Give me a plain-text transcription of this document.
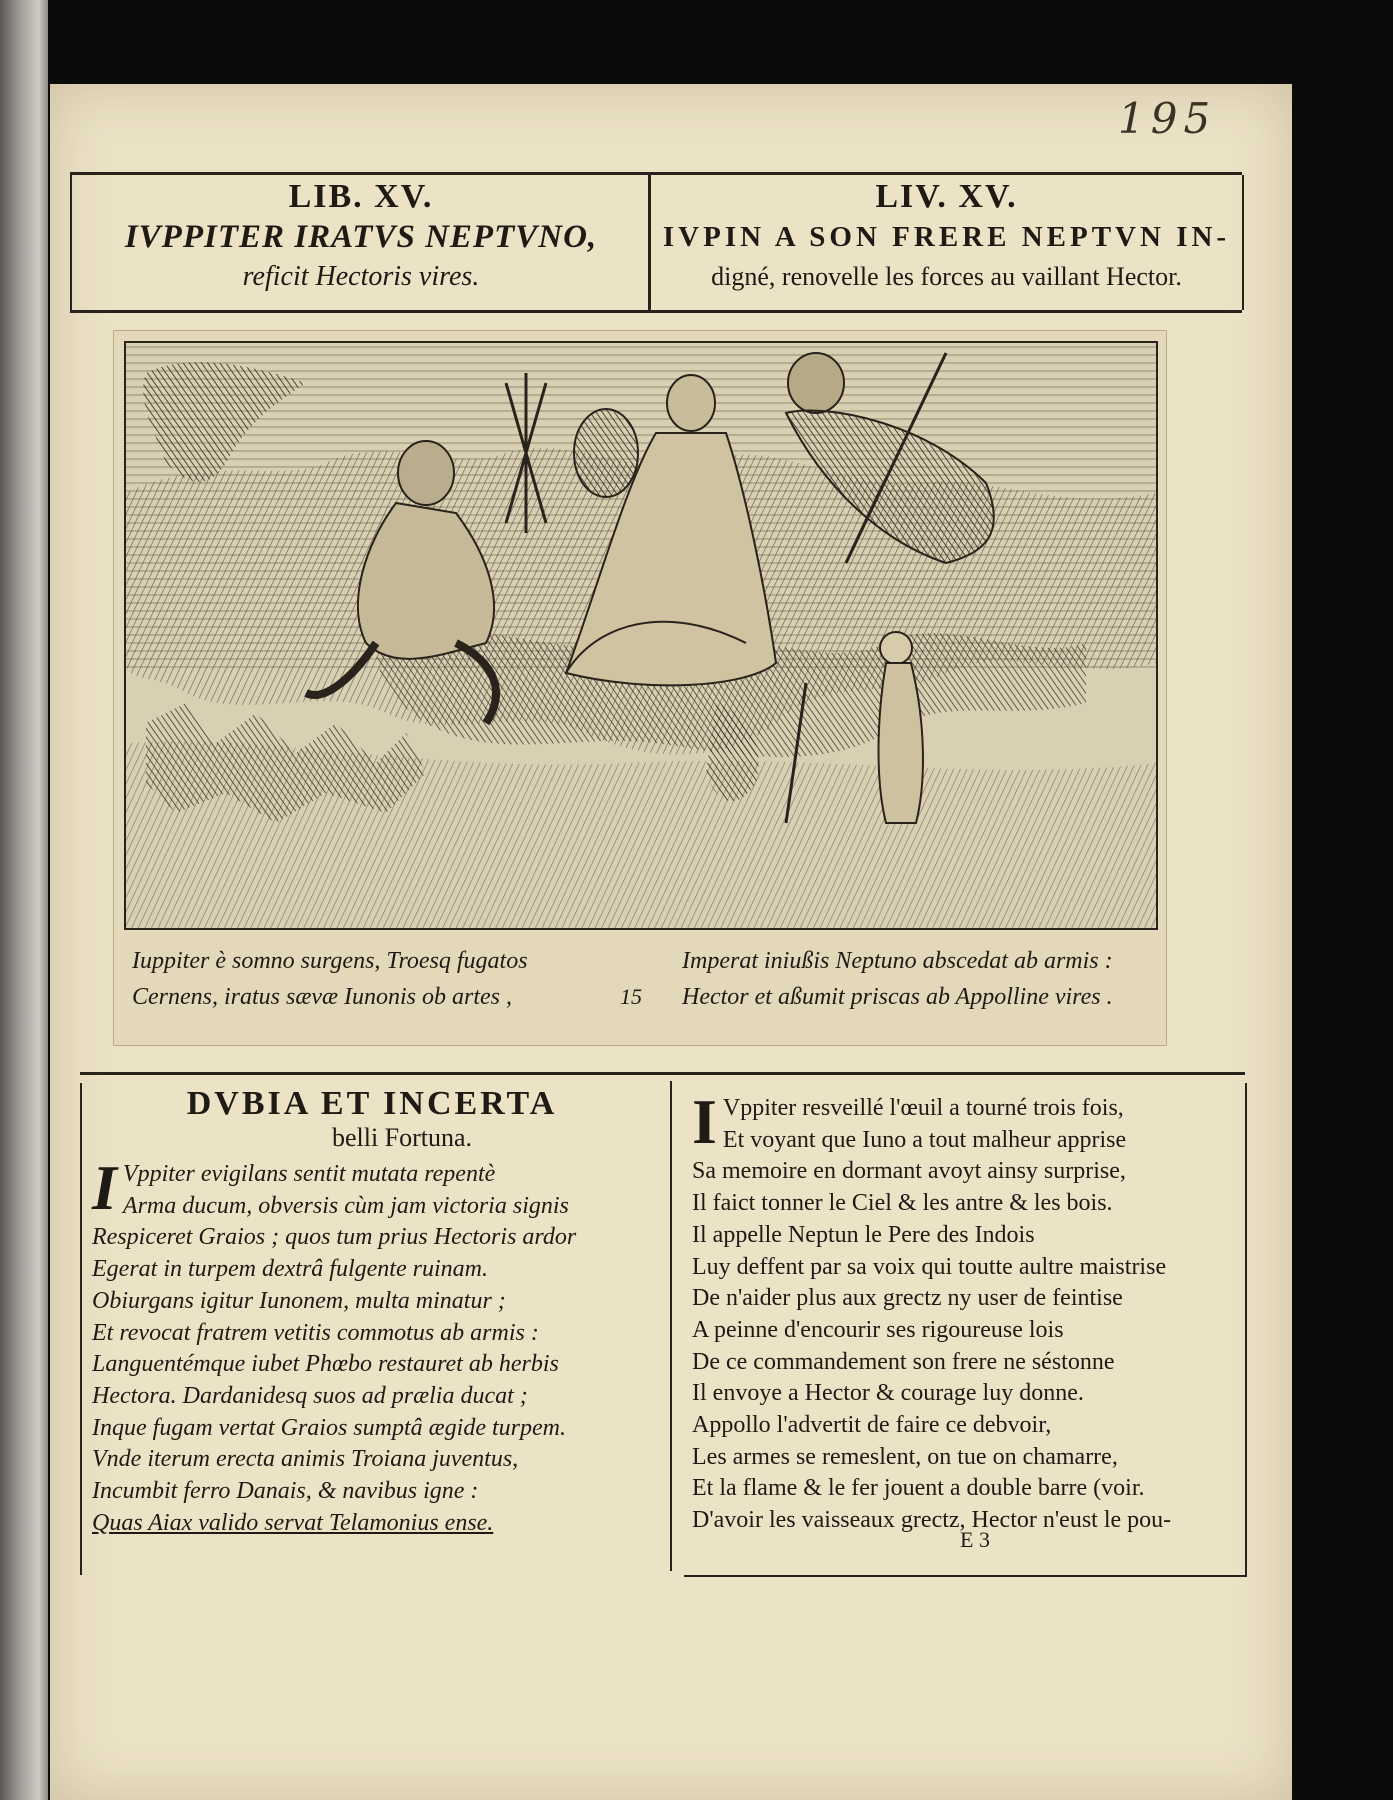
195
LIB. XV.
IVPPITER IRATVS NEPTVNO,
reficit Hectoris vires.
LIV. XV.
IVPIN A SON FRERE NEPTVN IN-
digné, renovelle les forces au vaillant Hector.
Iuppiter è somno surgens, Troesq fugatos
Cernens, iratus sævæ Iunonis ob artes ,	15
Imperat iniußis Neptuno abscedat ab armis :
Hector et aßumit priscas ab Appolline vires .
DVBIA ET INCERTA
belli Fortuna.
I Vppiter evigilans sentit mutata repentè
Arma ducum, obversis cùm jam victoria signis
Respiceret Graios ; quos tum prius Hectoris ardor
Egerat in turpem dextrâ fulgente ruinam.
Obiurgans igitur Iunonem, multa minatur ;
Et revocat fratrem vetitis commotus ab armis :
Languentémque iubet Phœbo restauret ab herbis
Hectora. Dardanidesq suos ad prælia ducat ;
Inque fugam vertat Graios sumptâ ægide turpem.
Vnde iterum erecta animis Troiana juventus,
Incumbit ferro Danais, & navibus igne :
Quas Aiax valido servat Telamonius ense.
I Vppiter resveillé l'œuil a tourné trois fois,
Et voyant que Iuno a tout malheur apprise
Sa memoire en dormant avoyt ainsy surprise,
Il faict tonner le Ciel & les antre & les bois.
Il appelle Neptun le Pere des Indois
Luy deffent par sa voix qui toutte aultre maistrise
De n'aider plus aux grectz ny user de feintise
A peinne d'encourir ses rigoureuse lois
De ce commandement son frere ne séstonne
Il envoye a Hector & courage luy donne.
Appollo l'advertit de faire ce debvoir,
Les armes se remeslent, on tue on chamarre,
Et la flame & le fer jouent a double barre (voir.
D'avoir les vaisseaux grectz, Hector n'eust le pou-
E 3
